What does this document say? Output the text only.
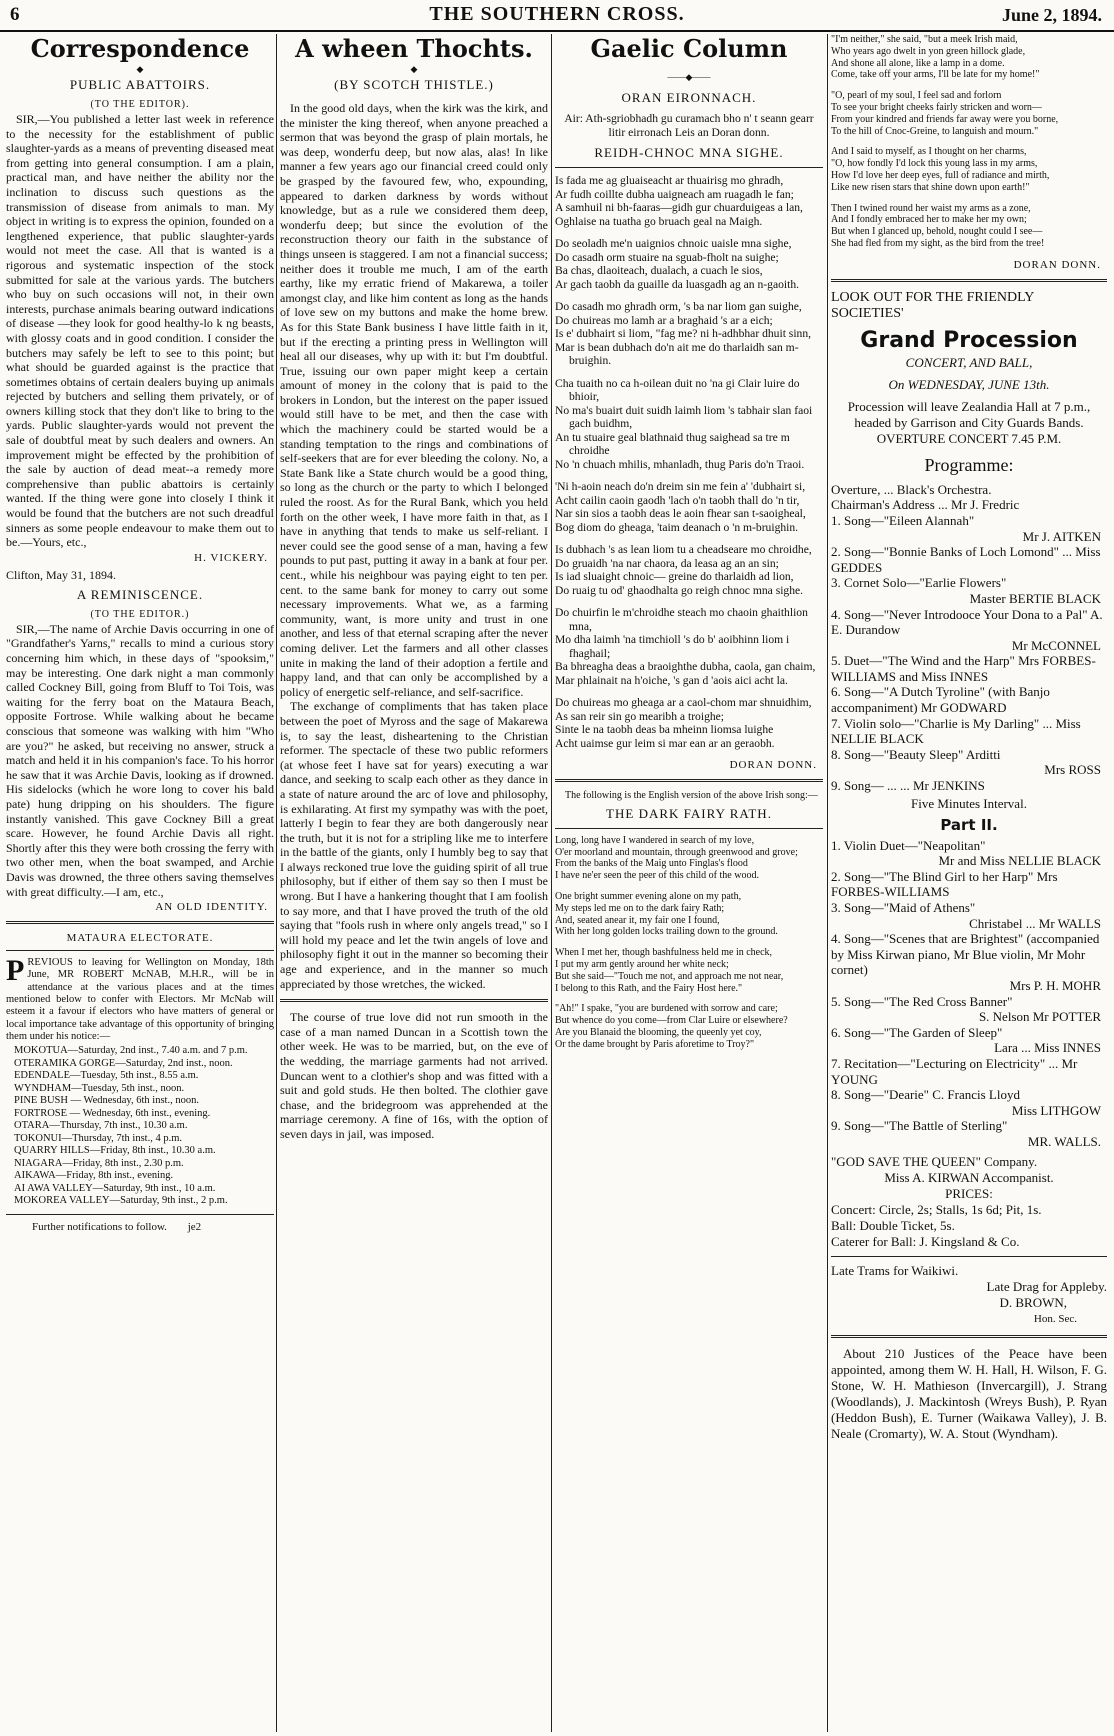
6	THE SOUTHERN CROSS.	June 2, 1894.
Correspondence
◆
PUBLIC ABATTOIRS.
(TO THE EDITOR).

SIR,—You published a letter last week in reference to the necessity for the establishment of public slaughter-yards as a means of preventing diseased meat from getting into general consumption. I am a plain, practical man, and have neither the ability nor the inclination to discuss such questions as the transmission of disease from animals to man. My object in writing is to express the opinion, founded on a lengthened experience, that public slaughter-yards would not meet the case. All that is wanted is a rigorous and systematic inspection of the stock submitted for sale at the various yards. The butchers who buy on such occasions will not, in their own interests, purchase animals bearing outward indications of disease —they look for good healthy-lo k ng beasts, with glossy coats and in good condition. I consider the butchers may safely be left to see to this point; but what should be guarded against is the practice that sometimes obtains of certain dealers buying up animals rejected by butchers and selling them privately, or of owners killing stock that they don't like to bring to the yards. Public slaughter-yards would not prevent the sale of doubtful meat by such dealers and owners. An improvement might be effected by the prohibition of the sale by auction of dead meat--a remedy more comprehensive than public abattoirs is certainly wanted. If the thing were gone into closely I think it would be found that the butchers are not such dreadful sinners as some people endeavour to make them out to be.—Yours, etc.,

H. VICKERY.
Clifton, May 31, 1894.
A REMINISCENCE.
(TO THE EDITOR.)

SIR,—The name of Archie Davis occurring in one of "Grandfather's Yarns," recalls to mind a curious story concerning him which, in these days of "spooksim," may be interesting. One dark night a man commonly called Cockney Bill, going from Bluff to Toi Tois, was waiting for the ferry boat on the Mataura Beach, opposite Fortrose. While walking about he became conscious that someone was walking with him "Who are you?" he asked, but receiving no answer, struck a match and held it in his companion's face. To his horror he saw that it was Archie Davis, looking as if drowned. His sidelocks (which he wore long to cover his bald pate) hung dripping on his shoulders. The figure instantly vanished. This gave Cockney Bill a great scare. However, he found Archie Davis all right. Shortly after this they were both crossing the ferry with two other men, when the boat swamped, and Archie Davis was drowned, the three others saving themselves with great difficulty.—I am, etc.,

AN OLD IDENTITY.
MATAURA ELECTORATE.

PREVIOUS to leaving for Wellington on Monday, 18th June, MR ROBERT McNAB, M.H.R., will be in attendance at the various places and at the times mentioned below to confer with Electors. Mr McNab will esteem it a favour if electors who have matters of general or local importance take advantage of this opportunity of bringing them under his notice:—

MOKOTUA—Saturday, 2nd inst., 7.40 a.m. and 7 p.m.
OTERAMIKA GORGE—Saturday, 2nd inst., noon.
EDENDALE—Tuesday, 5th inst., 8.55 a.m.
WYNDHAM—Tuesday, 5th inst., noon.
PINE BUSH — Wednesday, 6th inst., noon.
FORTROSE — Wednesday, 6th inst., evening.
OTARA—Thursday, 7th inst., 10.30 a.m.
TOKONUI—Thursday, 7th inst., 4 p.m.
QUARRY HILLS—Friday, 8th inst., 10.30 a.m.
NIAGARA—Friday, 8th inst., 2.30 p.m.
AIKAWA—Friday, 8th inst., evening.
AI AWA VALLEY—Saturday, 9th inst., 10 a.m.
MOKOREA VALLEY—Saturday, 9th inst., 2 p.m.
Further notifications to follow. je2
A wheen Thochts.
◆
(BY SCOTCH THISTLE.)

In the good old days, when the kirk was the kirk, and the minister the king thereof, when anyone preached a sermon that was beyond the grasp of plain mortals, he was deep, wonderfu deep, but now alas, alas! In like manner a few years ago our financial creed could only be grasped by the favoured few, who, expounding, appeared to darken darkness by words without knowledge, but as a rule we considered them deep, wonderfu deep; but since the evolution of the reconstruction theory our faith in the substance of things unseen is staggered. I am not a financial success; neither does it trouble me much, I am of the earth earthy, like my erratic friend of Makarewa, a toiler amongst clay, and like him content as long as the hands of love sew on my buttons and make the home brew. As for this State Bank business I have little faith in it, but if the erecting a printing press in Wellington will heal all our diseases, why up with it: but I'm doubtful. True, issuing our own paper might keep a certain amount of money in the colony that is paid to the brokers in London, but the interest on the paper issued would still have to be met, and then the case with which the machinery could be started would be a standing temptation to the rings and combinations of self-seekers that are for ever bleeding the colony. No, a State Bank like a State church would be a good thing, so long as the church or the party to which I belonged ruled the roost. As for the Rural Bank, which you held forth on the other week, I have more faith in that, as I have in anything that tends to make us self-reliant. I never could see the good sense of a man, having a few pounds to put past, putting it away in a bank at four per. cent., while his neighbour was paying eight to ten per. cent. to the same bank for money to carry out some necessary improvements. What we, as a farming community, want, is more unity and trust in one another, and less of that eternal scraping after the never coming deliver. Let the farmers and all other classes unite in making the land of their adoption a fertile and happy land, and that can only be accomplished by a policy of energetic self-reliance, and self-sacrifice.

The exchange of compliments that has taken place between the poet of Myross and the sage of Makarewa is, to say the least, disheartening to the Christian reformer. The spectacle of these two public reformers (at whose feet I have sat for years) executing a war dance, and seeking to scalp each other as they dance in a state of nature around the arc of love and philosophy, is exhilarating. At first my sympathy was with the poet, latterly I begin to fear they are both dangerously near the truth, but it is not for a stripling like me to interfere in the battle of the giants, only I humbly beg to say that I always reckoned true love the guiding spirit of all true philosophy, but if either of them say so then I must be wrong. But I have a hankering thought that I am foolish to say more, and that I have proved the truth of the old saying that "fools rush in where only angels tread," so I will hold my peace and let the twin angels of love and philosophy fight it out in the manner so becoming their age and experience, and in the manner so much appreciated by those wretches, the wicked.

The course of true love did not run smooth in the case of a man named Duncan in a Scottish town the other week. He was to be married, but, on the eve of the wedding, the marriage garments had not arrived. Duncan went to a clothier's shop and was fitted with a suit and gold studs. He then bolted. The clothier gave chase, and the bridegroom was apprehended at the marriage ceremony. A fine of 16s, with the option of seven days in jail, was imposed.

Gaelic Column
——◆——
ORAN EIRONNACH.

Air: Ath-sgriobhadh gu curamach bho n' t seann gearr litir eirronach Leis an Doran donn.

REIDH-CHNOC MNA SIGHE.
Is fada me ag gluaiseacht ar thuairisg mo ghradh,
Ar fudh coillte dubha uaigneach am ruagadh le fan;
A samhuil ni bh-faaras—gidh gur chuarduigeas a lan,
Oghlaise na tuatha go bruach geal na Maigh.
Do seoladh me'n uaignios chnoic uaisle mna sighe,
Do casadh orm stuaire na sguab-fholt na suighe;
Ba chas, dlaoiteach, dualach, a cuach le sios,
Ar gach taobh da guaille da luasgadh ag an n-gaoith.
Do casadh mo ghradh orm, 's ba nar liom gan suighe,
Do chuireas mo lamh ar a braghaid 's ar a eich;
Is e' dubhairt si liom, "fag me? ni h-adhbhar dhuit sinn,
Mar is bean dubhach do'n ait me do tharlaidh san m-bruighin.
Cha tuaith no ca h-oilean duit no 'na gi Clair luire do bhioir,
No ma's buairt duit suidh laimh liom 's tabhair slan faoi gach buidhm,
An tu stuaire geal blathnaid thug saighead sa tre m chroidhe
No 'n chuach mhilis, mhanladh, thug Paris do'n Traoi.
'Ni h-aoin neach do'n dreim sin me fein a' 'dubhairt si,
Acht cailin caoin gaodh 'lach o'n taobh thall do 'n tir,
Nar sin sios a taobh deas le aoin fhear san t-saoigheal,
Bog diom do gheaga, 'taim deanach o 'n m-bruighin.
Is dubhach 's as lean liom tu a cheadseare mo chroidhe,
Do gruaidh 'na nar chaora, da leasa ag an an sin;
Is iad sluaight chnoic— greine do tharlaidh ad lion,
Do ruaig tu od' ghaodhalta go reigh chnoc mna sighe.
Do chuirfin le m'chroidhe steach mo chaoin ghaithlion mna,
Mo dha laimh 'na timchioll 's do b' aoibhinn liom i fhaghail;
Ba bhreagha deas a braoighthe dubha, caola, gan chaim,
Mar phlainait na h'oiche, 's gan d 'aois aici acht la.
Do chuireas mo gheaga ar a caol-chom mar shnuidhim,
As san reir sin go mearibh a troighe;
Sinte le na taobh deas ba mheinn liomsa luighe
Acht uaimse gur leim si mar ean ar an geraobh.
DORAN DONN.

The following is the English version of the above Irish song:—

THE DARK FAIRY RATH.
Long, long have I wandered in search of my love,
O'er moorland and mountain, through greenwood and grove;
From the banks of the Maig unto Finglas's flood
I have ne'er seen the peer of this child of the wood.
One bright summer evening alone on my path,
My steps led me on to the dark fairy Rath;
And, seated anear it, my fair one I found,
With her long golden locks trailing down to the ground.
When I met her, though bashfulness held me in check,
I put my arm gently around her white neck;
But she said—"Touch me not, and approach me not near,
I belong to this Rath, and the Fairy Host here."
"Ah!" I spake, "you are burdened with sorrow and care;
But whence do you come—from Clar Luire or elsewhere?
Are you Blanaid the blooming, the queenly yet coy,
Or the dame brought by Paris aforetime to Troy?"
"I'm neither," she said, "but a meek Irish maid,
Who years ago dwelt in yon green hillock glade,
And shone all alone, like a lamp in a dome.
Come, take off your arms, I'll be late for my home!"
"O, pearl of my soul, I feel sad and forlorn
To see your bright cheeks fairly stricken and worn—
From your kindred and friends far away were you borne,
To the hill of Cnoc-Greine, to languish and mourn."
And I said to myself, as I thought on her charms,
"O, how fondly I'd lock this young lass in my arms,
How I'd love her deep eyes, full of radiance and mirth,
Like new risen stars that shine down upon earth!"
Then I twined round her waist my arms as a zone,
And I fondly embraced her to make her my own;
But when I glanced up, behold, nought could I see—
She had fled from my sight, as the bird from the tree!
DORAN DONN.
LOOK OUT FOR THE FRIENDLY SOCIETIES'
Grand Procession
CONCERT, AND BALL,
On WEDNESDAY, JUNE 13th.
Procession will leave Zealandia Hall at 7 p.m., headed by Garrison and City Guards Bands.
OVERTURE CONCERT 7.45 P.M.
Programme:
Overture, ... Black's Orchestra.
Chairman's Address ... Mr J. Fredric
1. Song—"Eileen Alannah"
Mr J. AITKEN
2. Song—"Bonnie Banks of Loch Lomond" ... Miss GEDDES
3. Cornet Solo—"Earlie Flowers"
Master BERTIE BLACK
4. Song—"Never Introdooce Your Dona to a Pal" A. E. Durandow
Mr McCONNEL
5. Duet—"The Wind and the Harp" Mrs FORBES-WILLIAMS and Miss INNES
6. Song—"A Dutch Tyroline" (with Banjo accompaniment) Mr GODWARD
7. Violin solo—"Charlie is My Darling" ... Miss NELLIE BLACK
8. Song—"Beauty Sleep" Arditti
Mrs ROSS
9. Song— ... ... Mr JENKINS
Five Minutes Interval.
Part II.
1. Violin Duet—"Neapolitan"
Mr and Miss NELLIE BLACK
2. Song—"The Blind Girl to her Harp" Mrs FORBES-WILLIAMS
3. Song—"Maid of Athens"
Christabel ... Mr WALLS
4. Song—"Scenes that are Brightest" (accompanied by Miss Kirwan piano, Mr Blue violin, Mr Mohr cornet)
Mrs P. H. MOHR
5. Song—"The Red Cross Banner"
S. Nelson Mr POTTER
6. Song—"The Garden of Sleep"
Lara ... Miss INNES
7. Recitation—"Lecturing on Electricity" ... Mr YOUNG
8. Song—"Dearie" C. Francis Lloyd
Miss LITHGOW
9. Song—"The Battle of Sterling"
MR. WALLS.
"GOD SAVE THE QUEEN" Company.
Miss A. KIRWAN Accompanist.
PRICES:
Concert: Circle, 2s; Stalls, 1s 6d; Pit, 1s.
Ball: Double Ticket, 5s.
Caterer for Ball: J. Kingsland & Co.
Late Trams for Waikiwi.
Late Drag for Appleby.
D. BROWN,
Hon. Sec.

About 210 Justices of the Peace have been appointed, among them W. H. Hall, H. Wilson, F. G. Stone, W. H. Mathieson (Invercargill), J. Strang (Woodlands), J. Mackintosh (Wreys Bush), P. Ryan (Heddon Bush), E. Turner (Waikawa Valley), J. B. Neale (Cromarty), W. A. Stout (Wyndham).
